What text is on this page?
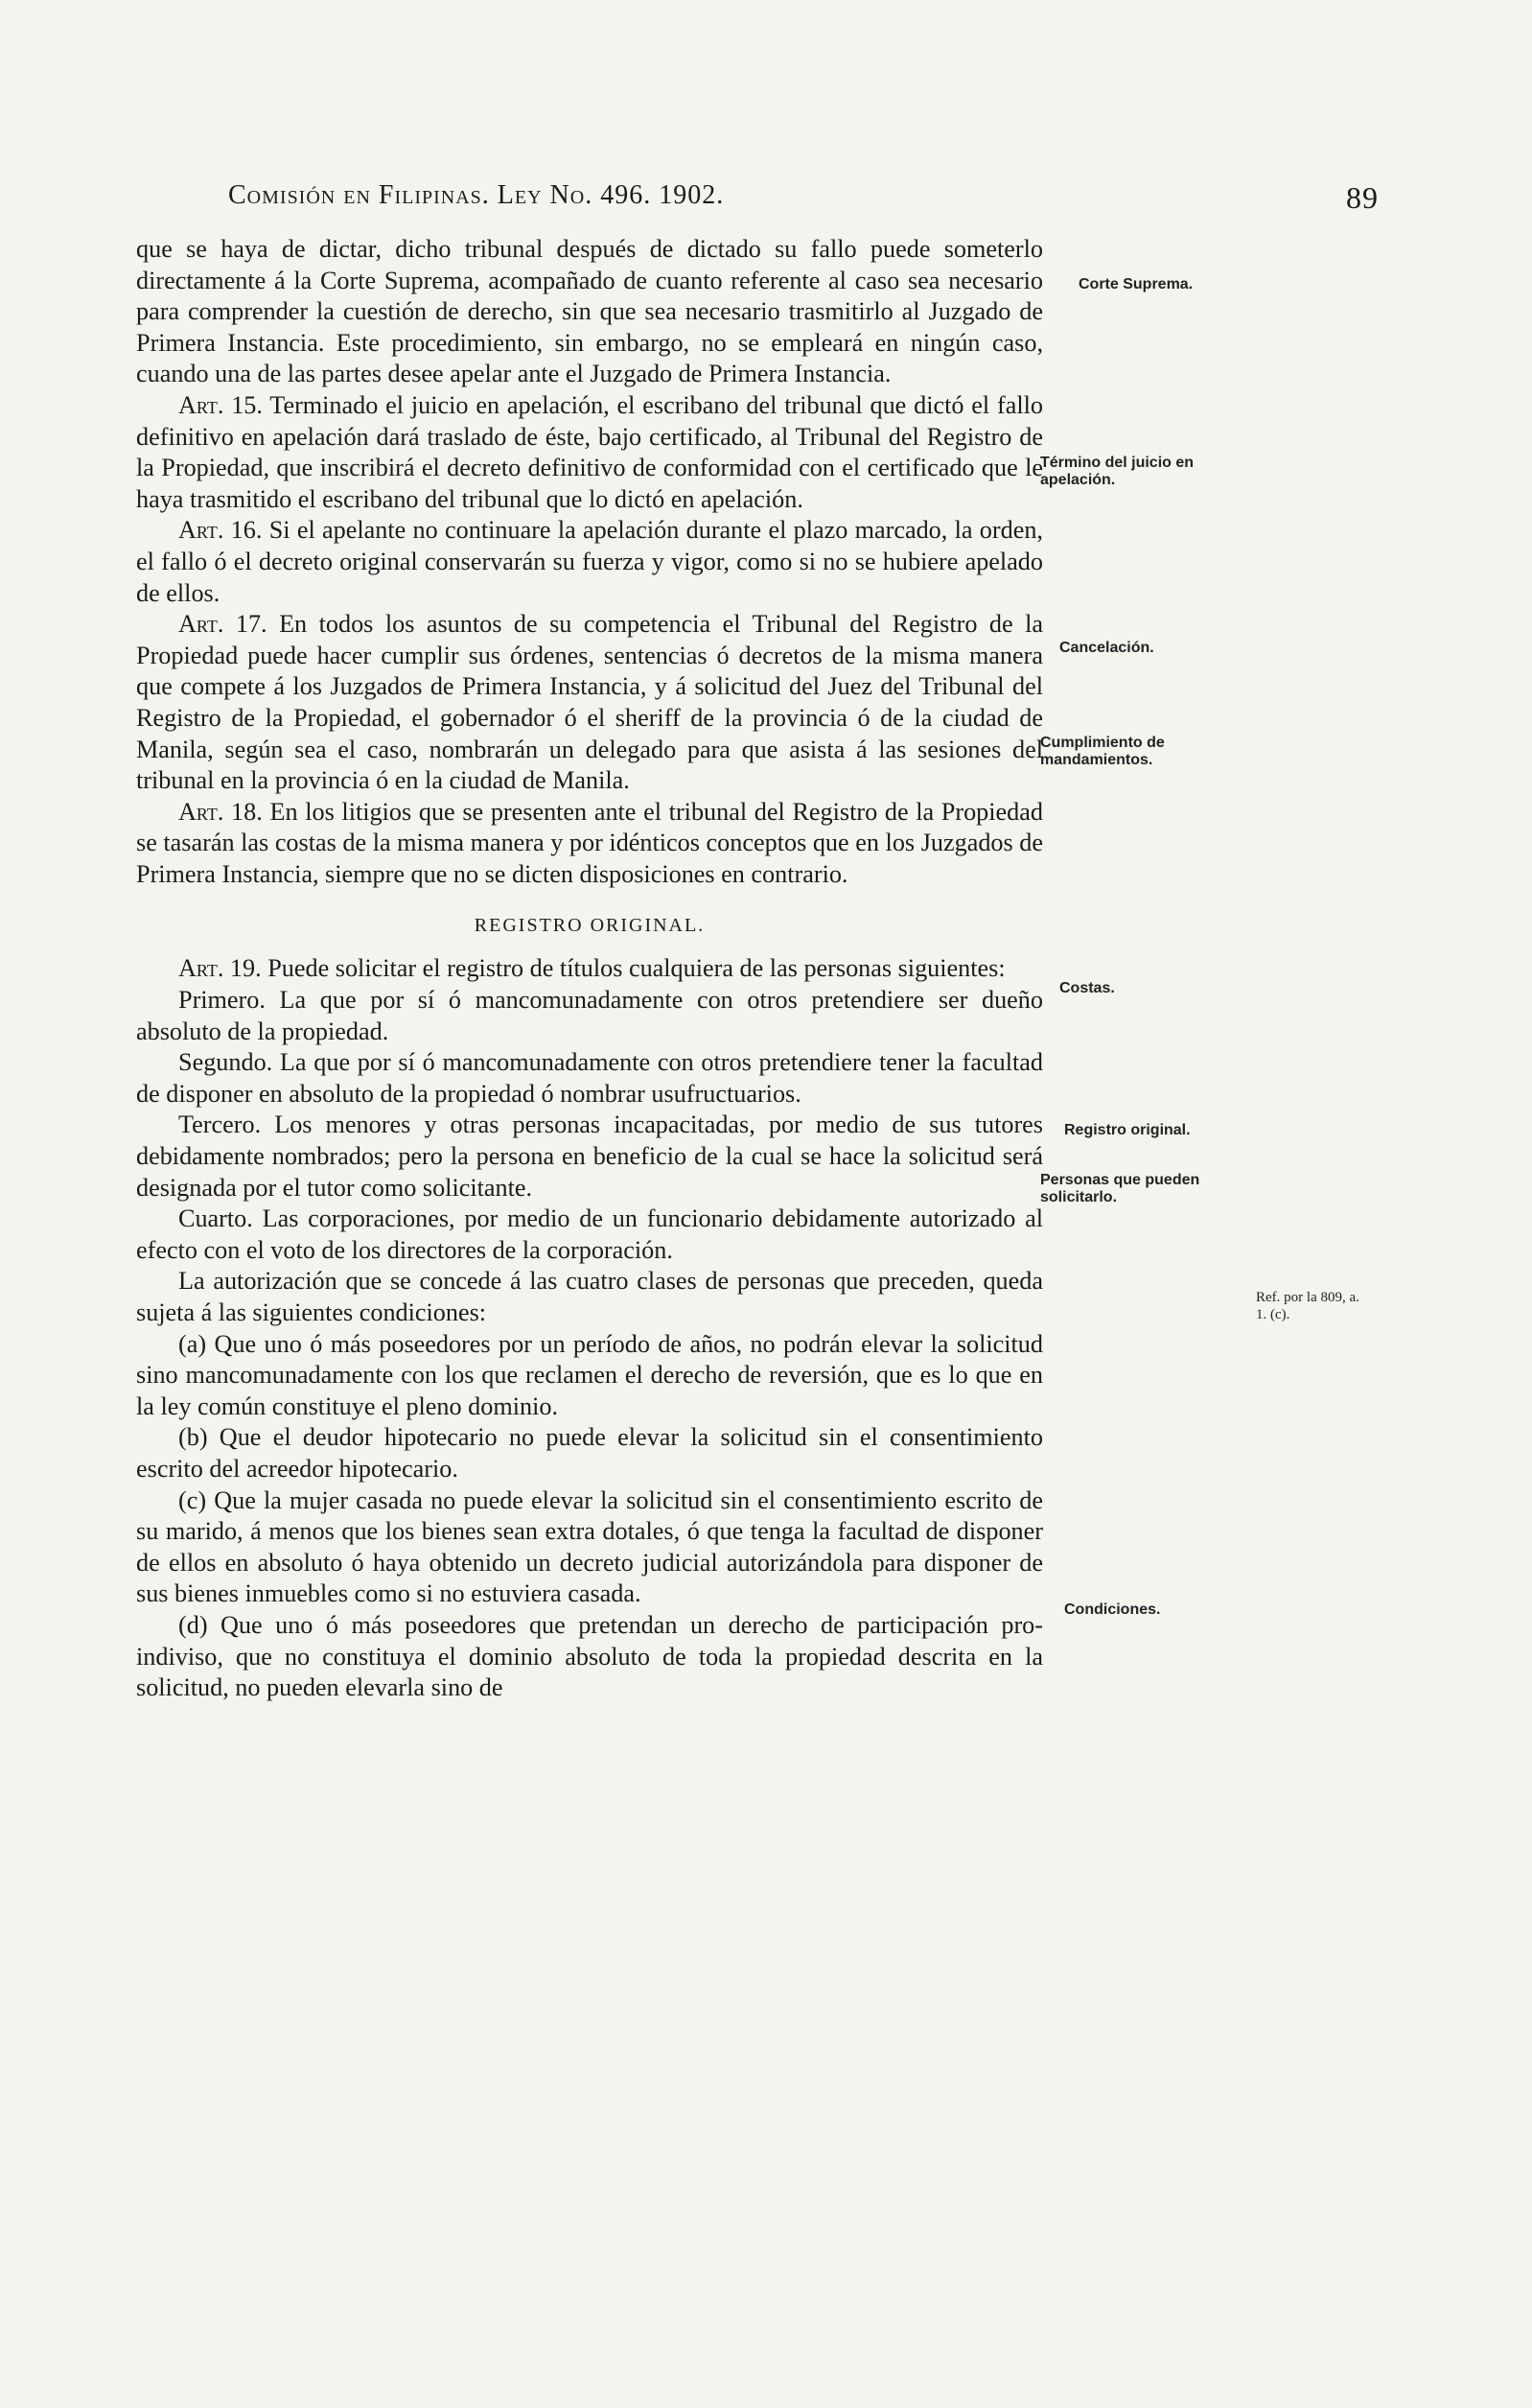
Comisión en Filipinas. Ley No. 496. 1902.	89

que se haya de dictar, dicho tribunal después de dictado su fallo puede someterlo directamente á la Corte Suprema, acompañado de cuanto referente al caso sea necesario para comprender la cuestión de derecho, sin que sea necesario trasmitirlo al Juzgado de Primera Instancia. Este procedimiento, sin embargo, no se empleará en ningún caso, cuando una de las partes desee apelar ante el Juzgado de Primera Instancia.

Art. 15. Terminado el juicio en apelación, el escribano del tribunal que dictó el fallo definitivo en apelación dará traslado de éste, bajo certificado, al Tribunal del Registro de la Propiedad, que inscribirá el decreto definitivo de conformidad con el certificado que le haya trasmitido el escribano del tribunal que lo dictó en apelación.

Art. 16. Si el apelante no continuare la apelación durante el plazo marcado, la orden, el fallo ó el decreto original conservarán su fuerza y vigor, como si no se hubiere apelado de ellos.

Art. 17. En todos los asuntos de su competencia el Tribunal del Registro de la Propiedad puede hacer cumplir sus órdenes, sentencias ó decretos de la misma manera que compete á los Juzgados de Primera Instancia, y á solicitud del Juez del Tribunal del Registro de la Propiedad, el gobernador ó el sheriff de la provincia ó de la ciudad de Manila, según sea el caso, nombrarán un delegado para que asista á las sesiones del tribunal en la provincia ó en la ciudad de Manila.

Art. 18. En los litigios que se presenten ante el tribunal del Registro de la Propiedad se tasarán las costas de la misma manera y por idénticos conceptos que en los Juzgados de Primera Instancia, siempre que no se dicten disposiciones en contrario.

REGISTRO ORIGINAL.

Art. 19. Puede solicitar el registro de títulos cualquiera de las personas siguientes:

Primero. La que por sí ó mancomunadamente con otros pretendiere ser dueño absoluto de la propiedad.

Segundo. La que por sí ó mancomunadamente con otros pretendiere tener la facultad de disponer en absoluto de la propiedad ó nombrar usufructuarios.

Tercero. Los menores y otras personas incapacitadas, por medio de sus tutores debidamente nombrados; pero la persona en beneficio de la cual se hace la solicitud será designada por el tutor como solicitante.

Cuarto. Las corporaciones, por medio de un funcionario debidamente autorizado al efecto con el voto de los directores de la corporación.

La autorización que se concede á las cuatro clases de personas que preceden, queda sujeta á las siguientes condiciones:

(a) Que uno ó más poseedores por un período de años, no podrán elevar la solicitud sino mancomunadamente con los que reclamen el derecho de reversión, que es lo que en la ley común constituye el pleno dominio.

(b) Que el deudor hipotecario no puede elevar la solicitud sin el consentimiento escrito del acreedor hipotecario.

(c) Que la mujer casada no puede elevar la solicitud sin el consentimiento escrito de su marido, á menos que los bienes sean extra dotales, ó que tenga la facultad de disponer de ellos en absoluto ó haya obtenido un decreto judicial autorizándola para disponer de sus bienes inmuebles como si no estuviera casada.

(d) Que uno ó más poseedores que pretendan un derecho de participación pro-indiviso, que no constituya el dominio absoluto de toda la propiedad descrita en la solicitud, no pueden elevarla sino de

Corte Suprema.
Término del juicio en apelación.
Cancelación.
Cumplimiento de mandamientos.
Costas.
Registro original.
Personas que pueden solicitarlo.
Ref. por la 809, a. 1. (c).
Condiciones.
